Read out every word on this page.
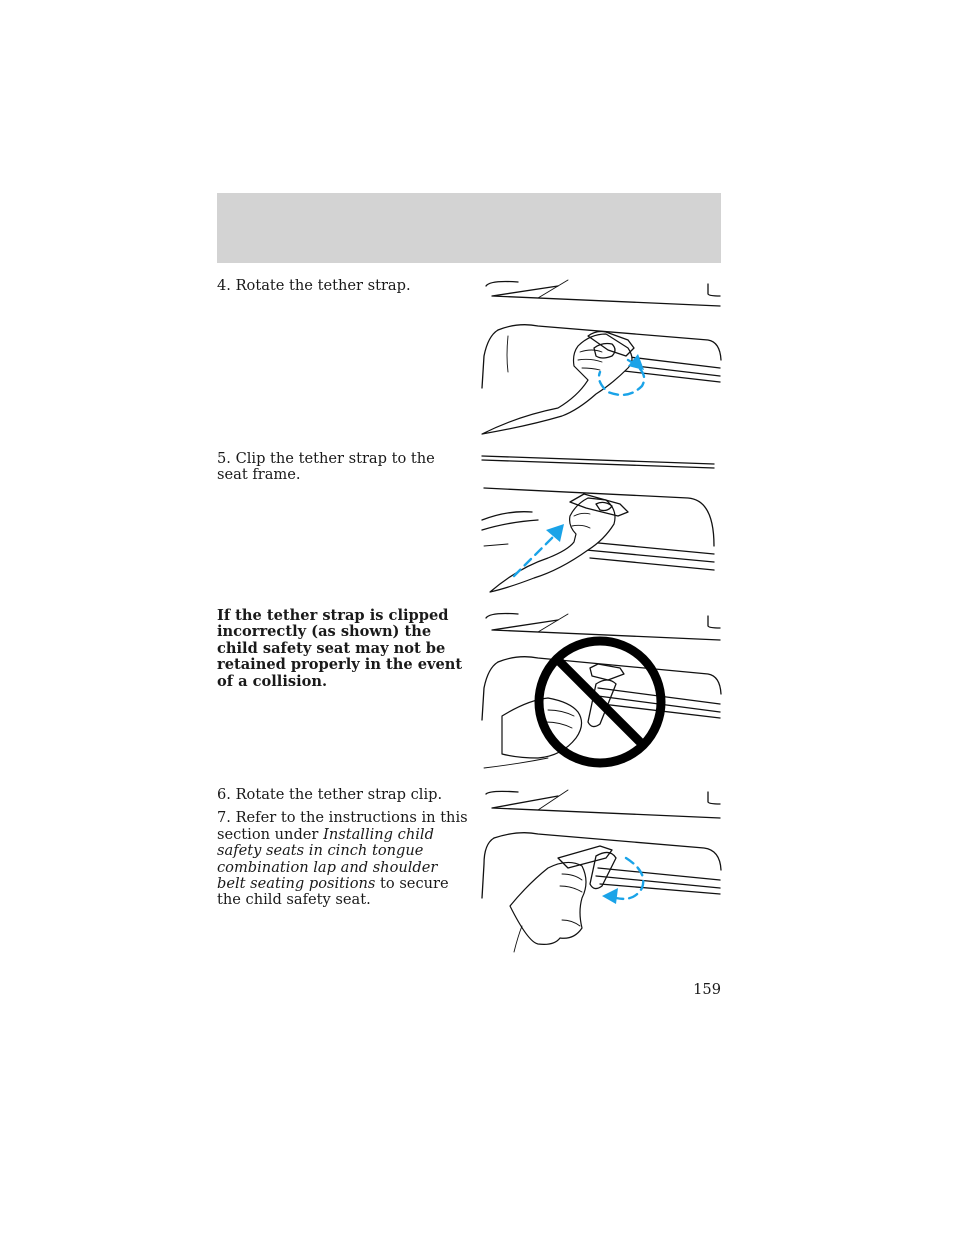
4. Rotate the tether strap.

5. Clip the tether strap to the seat frame.

If the tether strap is clipped incorrectly (as shown) the child safety seat may not be retained properly in the event of a collision.

6. Rotate the tether strap clip.

7. Refer to the instructions in this section under Installing child safety seats in cinch tongue combination lap and shoulder belt seating positions to secure the child safety seat.

159
